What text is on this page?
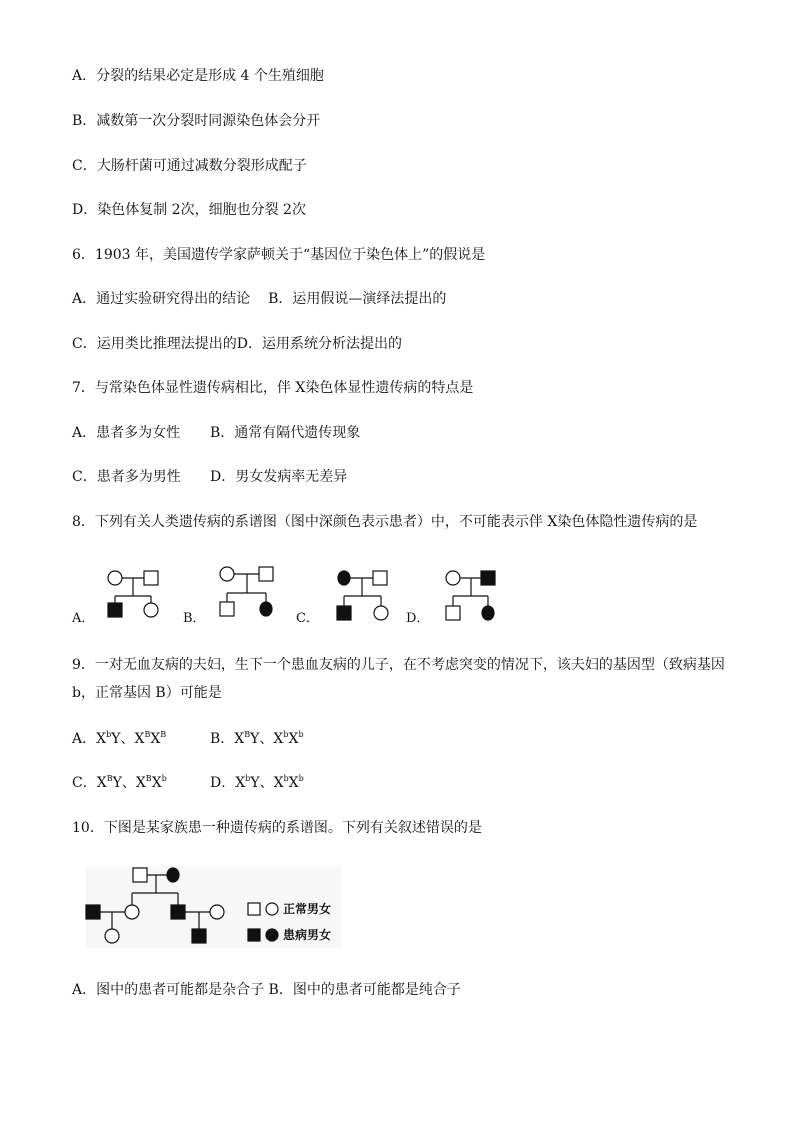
A．分裂的结果必定是形成 4 个生殖细胞
B．减数第一次分裂时同源染色体会分开
C．大肠杆菌可通过减数分裂形成配子
D．染色体复制 2次，细胞也分裂 2次
6．1903 年，美国遗传学家萨顿关于“基因位于染色体上”的假说是
A．通过实验研究得出的结论 B．运用假说—演绎法提出的
C．运用类比推理法提出的D．运用系统分析法提出的
7．与常染色体显性遗传病相比，伴 X染色体显性遗传病的特点是
A．患者多为女性 B．通常有隔代遗传现象
C．患者多为男性 D．男女发病率无差异
8．下列有关人类遗传病的系谱图（图中深颜色表示患者）中，不可能表示伴 X染色体隐性遗传病的是
A．	B．	C．	D．
9．一对无血友病的夫妇，生下一个患血友病的儿子，在不考虑突变的情况下，该夫妇的基因型（致病基因
b，正常基因 B）可能是
A．$X^bY$、$X^BX^B$	B．$X^BY$、$X^bX^b$
C．$X^BY$、$X^BX^b$	D．$X^bY$、$X^bX^b$
10．下图是某家族患一种遗传病的系谱图。下列有关叙述错误的是
正常男女
患病男女
A．图中的患者可能都是杂合子 B．图中的患者可能都是纯合子
